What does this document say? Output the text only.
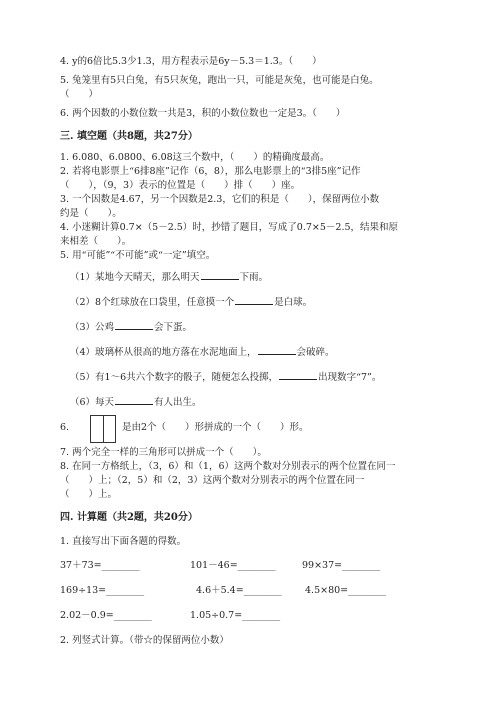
4. y的6倍比5.3少1.3，用方程表示是6y－5.3＝1.3。（　　）
5. 兔笼里有5只白兔，有5只灰兔，跑出一只，可能是灰兔，也可能是白兔。
（　　）
6. 两个因数的小数位数一共是3，积的小数位数也一定是3。（　　）
三. 填空题（共8题，共27分）
1. 6.080、6.0800、6.08这三个数中，（　　）的精确度最高。
2. 若将电影票上“6排8座”记作（6，8），那么电影票上的“3排5座”记作
（　　），（9，3）表示的位置是（　　）排（　　）座。
3. 一个因数是4.67，另一个因数是2.3，它们的积是（　　），保留两位小数
约是（　　）。
4. 小迷糊计算0.7×（5－2.5）时，抄错了题目，写成了0.7×5－2.5，结果和原
来相差（　　）。
5. 用“可能”“不可能”或“一定”填空。
（1）某地今天晴天，那么明天	下雨。
（2）8个红球放在口袋里，任意摸一个	是白球。
（3）公鸡	会下蛋。
（4）玻璃杯从很高的地方落在水泥地面上，	会破碎。
（5）有1～6共六个数字的骰子，随便怎么投掷，	出现数字“7”。
（6）每天	有人出生。
6.	是由2个（　　）形拼成的一个（　　）形。
7. 两个完全一样的三角形可以拼成一个（　　）。
8. 在同一方格纸上，（3，6）和（1，6）这两个数对分别表示的两个位置在同一
（　　）上；（2，5）和（2，3）这两个数对分别表示的两个位置在同一
（　　）上。
四. 计算题（共2题，共20分）
1. 直接写出下面各题的得数。
37＋73=________	101－46=________	99×37=________
169÷13=________	4.6＋5.4=________ 4.5×80=________
2.02－0.9=________	1.05÷0.7=________
2. 列竖式计算。（带☆的保留两位小数）
